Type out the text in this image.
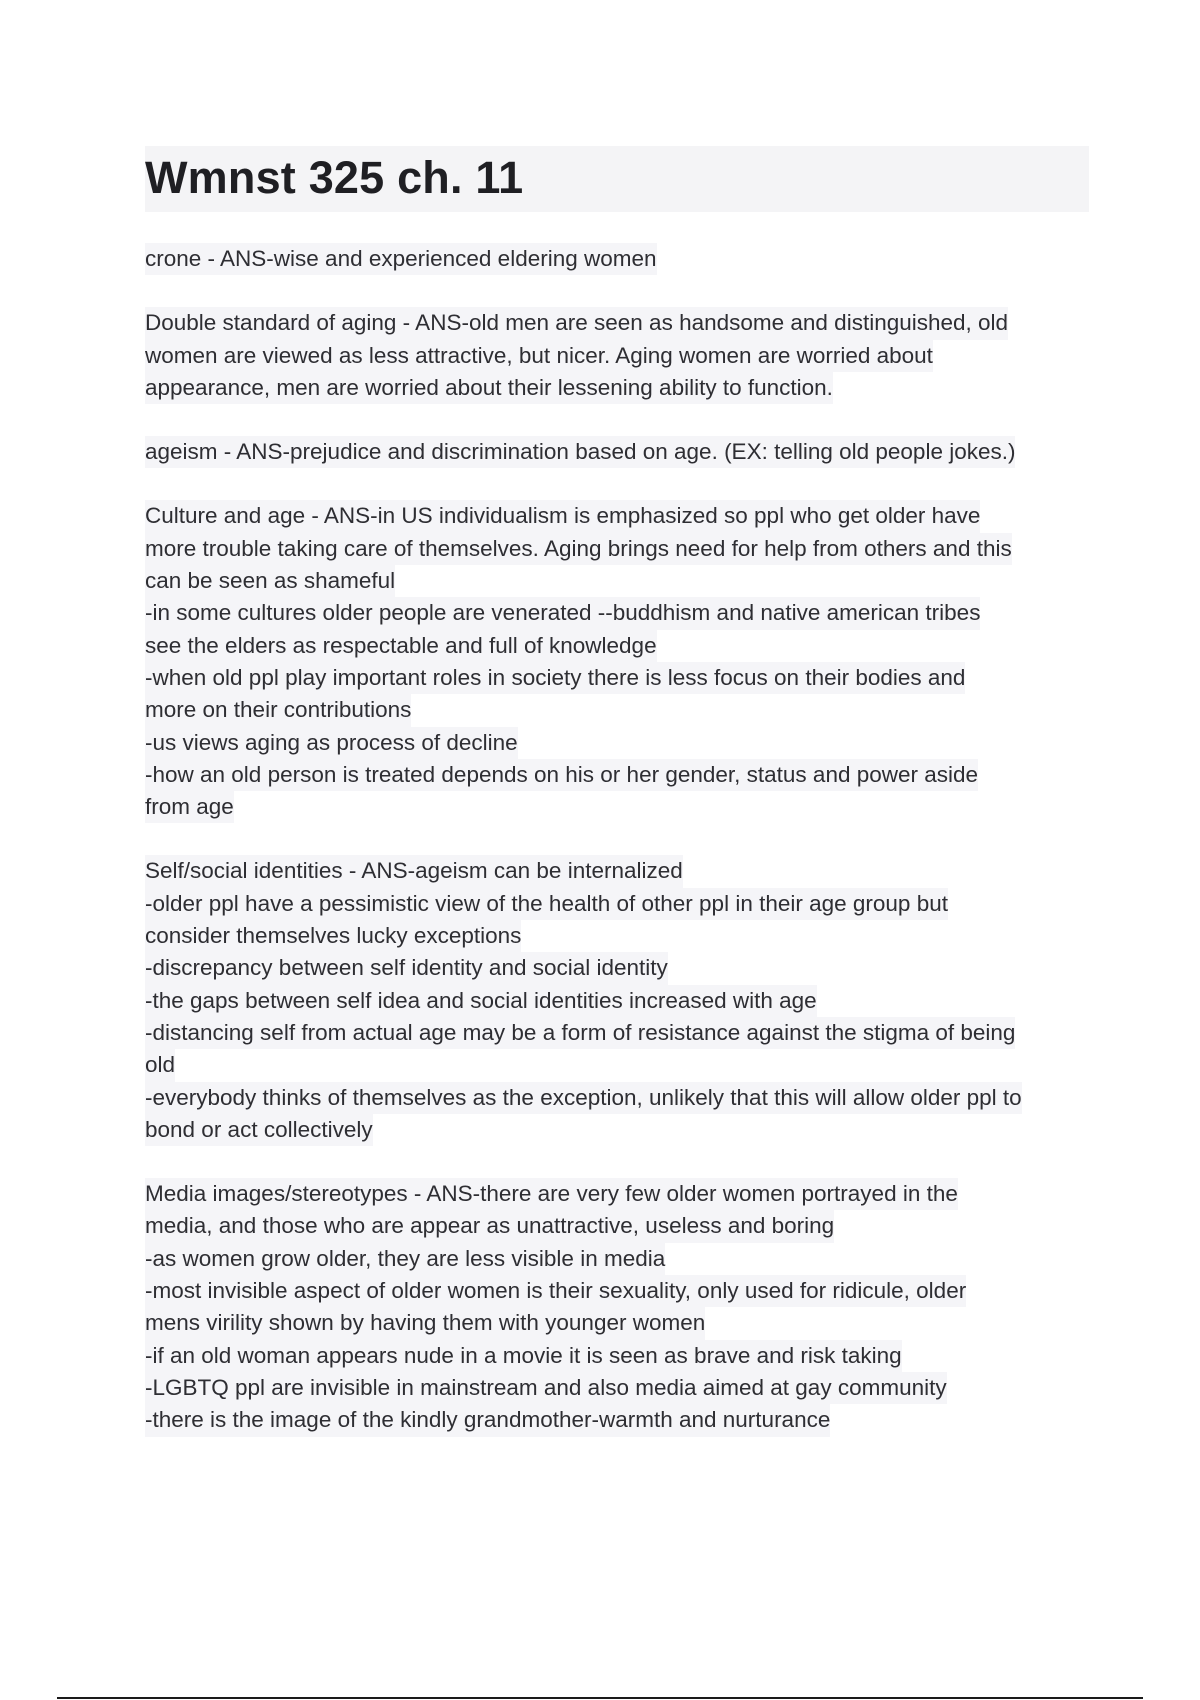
Wmnst 325 ch. 11
crone - ANS-wise and experienced eldering women
Double standard of aging - ANS-old men are seen as handsome and distinguished, old
women are viewed as less attractive, but nicer. Aging women are worried about
appearance, men are worried about their lessening ability to function.
ageism - ANS-prejudice and discrimination based on age. (EX: telling old people jokes.)
Culture and age - ANS-in US individualism is emphasized so ppl who get older have
more trouble taking care of themselves. Aging brings need for help from others and this
can be seen as shameful
-in some cultures older people are venerated --buddhism and native american tribes
see the elders as respectable and full of knowledge
-when old ppl play important roles in society there is less focus on their bodies and
more on their contributions
-us views aging as process of decline
-how an old person is treated depends on his or her gender, status and power aside
from age
Self/social identities - ANS-ageism can be internalized
-older ppl have a pessimistic view of the health of other ppl in their age group but
consider themselves lucky exceptions
-discrepancy between self identity and social identity
-the gaps between self idea and social identities increased with age
-distancing self from actual age may be a form of resistance against the stigma of being
old
-everybody thinks of themselves as the exception, unlikely that this will allow older ppl to
bond or act collectively
Media images/stereotypes - ANS-there are very few older women portrayed in the
media, and those who are appear as unattractive, useless and boring
-as women grow older, they are less visible in media
-most invisible aspect of older women is their sexuality, only used for ridicule, older
mens virility shown by having them with younger women
-if an old woman appears nude in a movie it is seen as brave and risk taking
-LGBTQ ppl are invisible in mainstream and also media aimed at gay community
-there is the image of the kindly grandmother-warmth and nurturance
